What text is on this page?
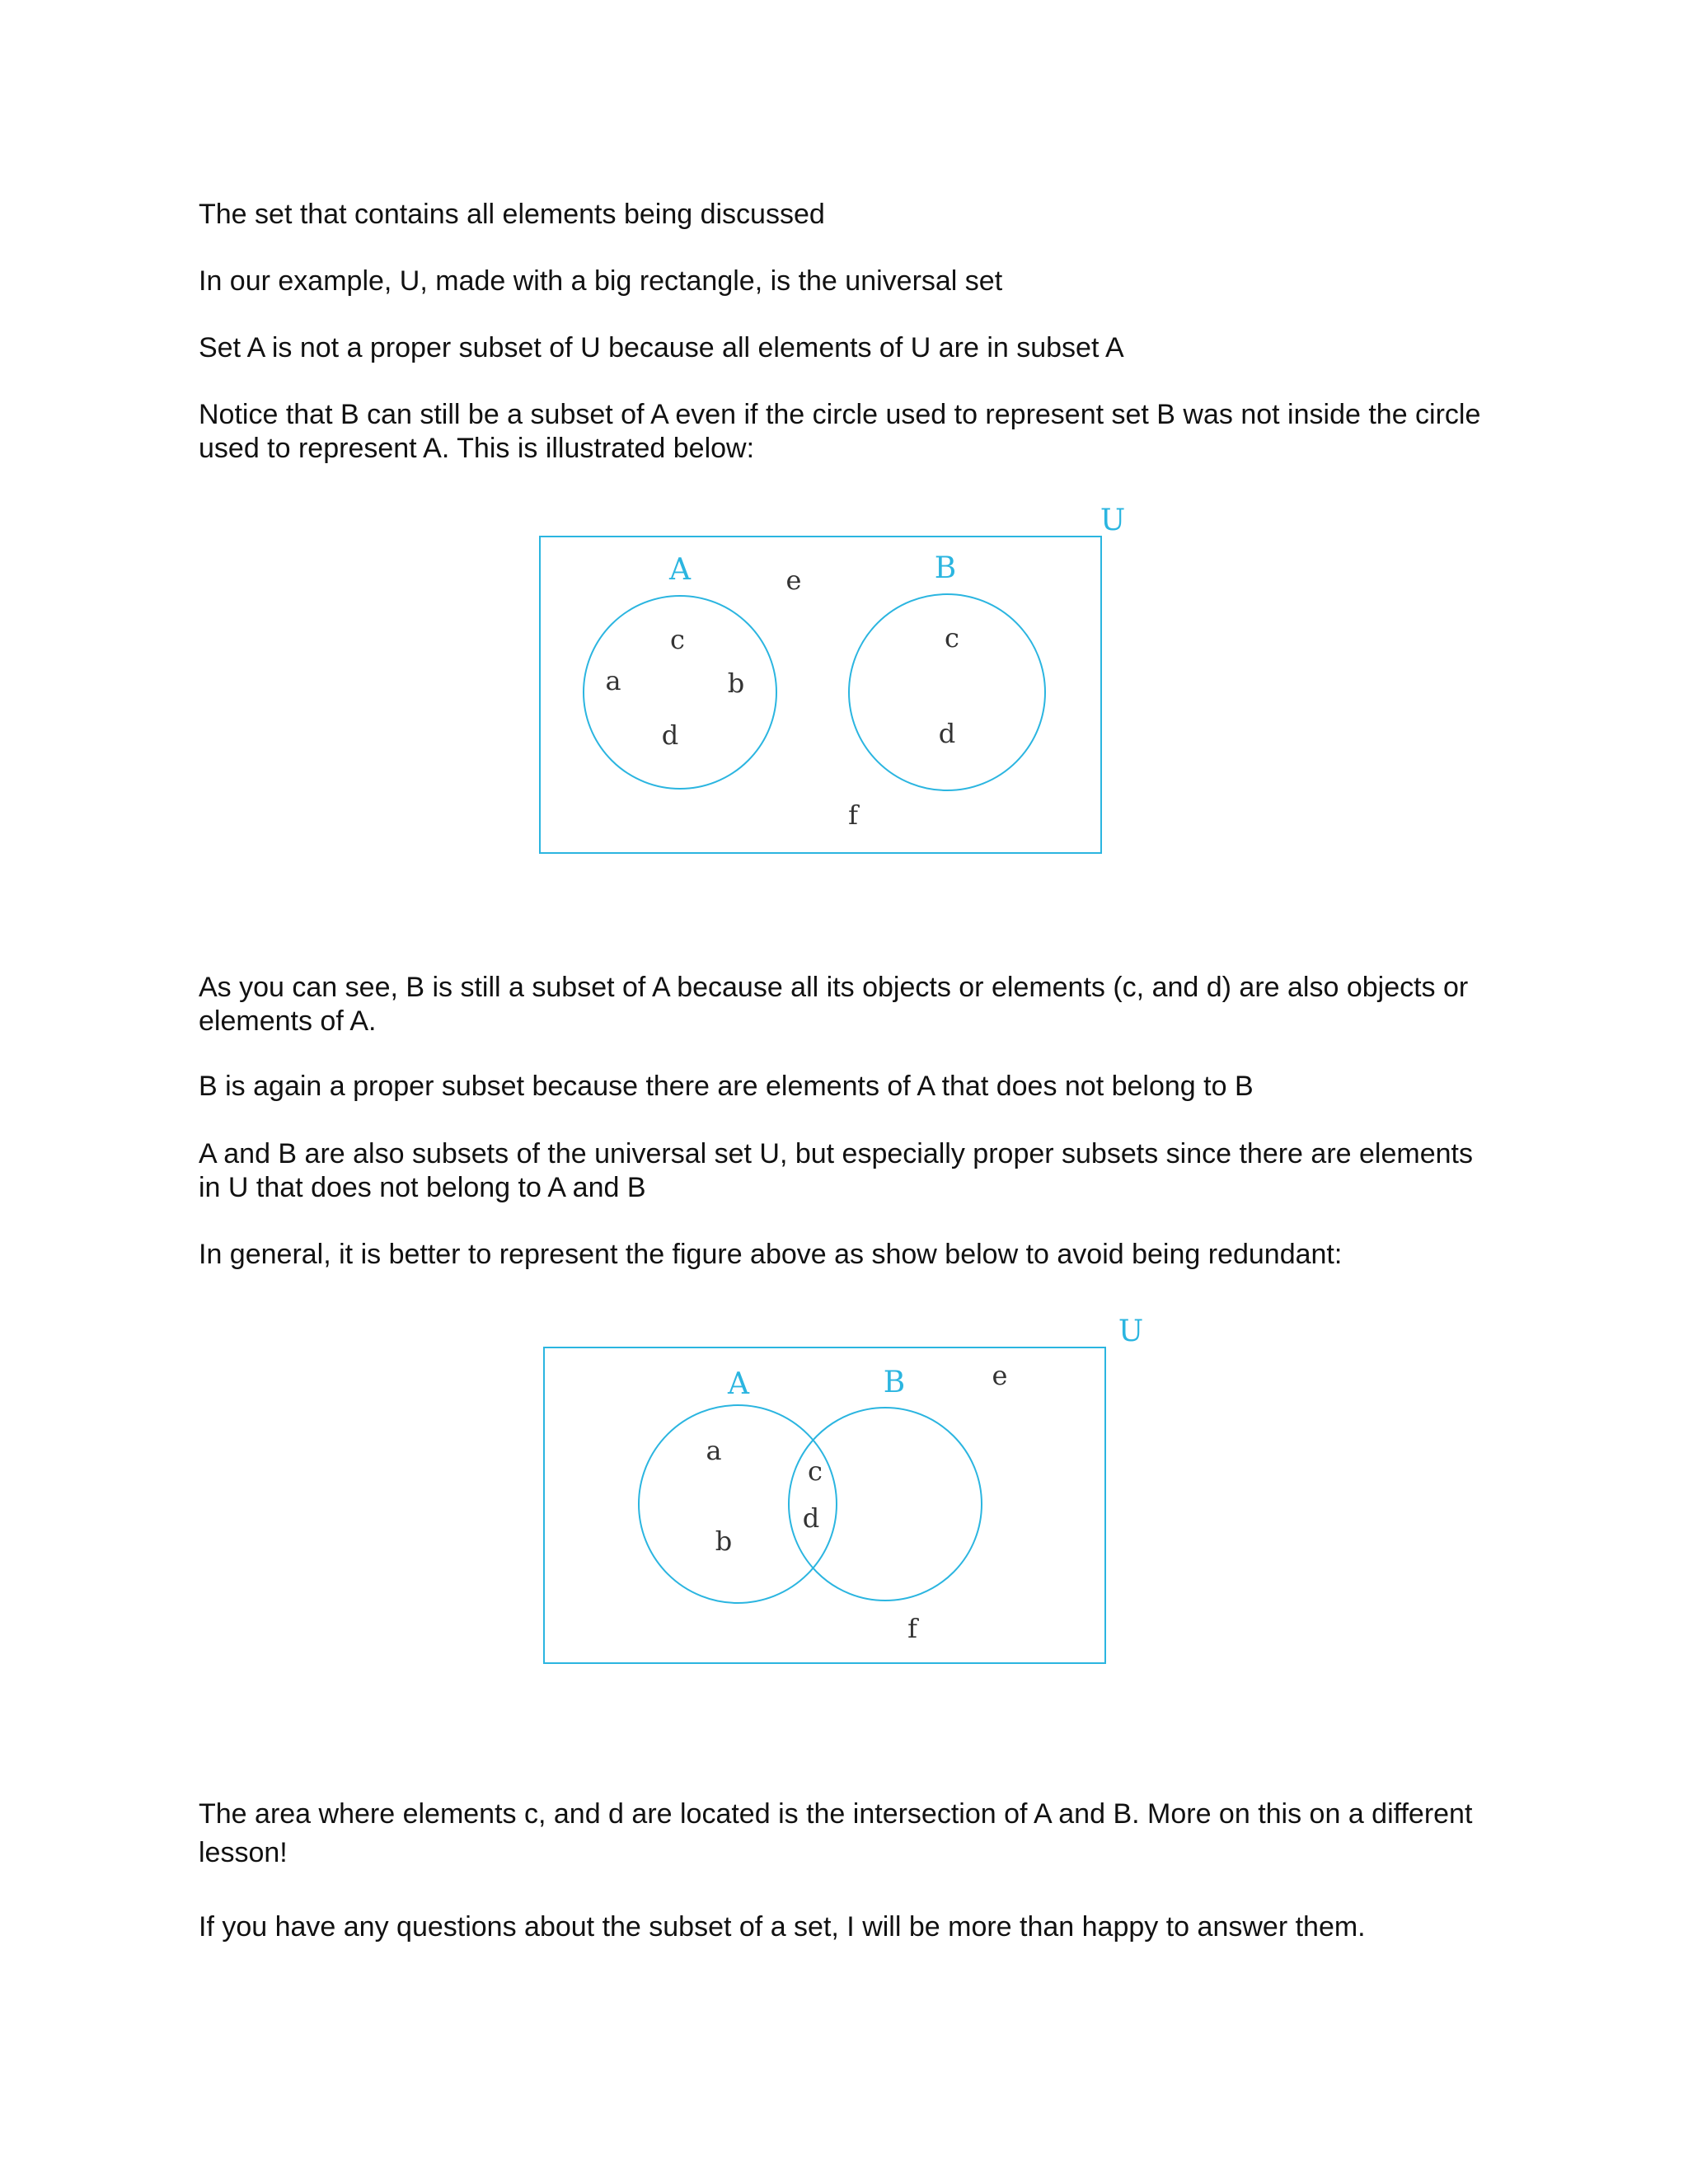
The set that contains all elements being discussed

In our example, U, made with a big rectangle, is the universal set

Set A is not a proper subset of U because all elements of U are in subset A

Notice that B can still be a subset of A even if the circle used to represent set B was not inside the circle used to represent A. This is illustrated below:

U
A	B
e
a
c
b
d
c
d
f

As you can see, B is still a subset of A because all its objects or elements (c, and d) are also objects or elements of A.

B is again a proper subset because there are elements of A that does not belong to B

A and B are also subsets of the universal set U, but especially proper subsets since there are elements in U that does not belong to A and B

In general, it is better to represent the figure above as show below to avoid being redundant:

U
A	B	e
a
b
c
d
f

The area where elements c, and d are located is the intersection of A and B. More on this on a different lesson!

If you have any questions about the subset of a set, I will be more than happy to answer them.
